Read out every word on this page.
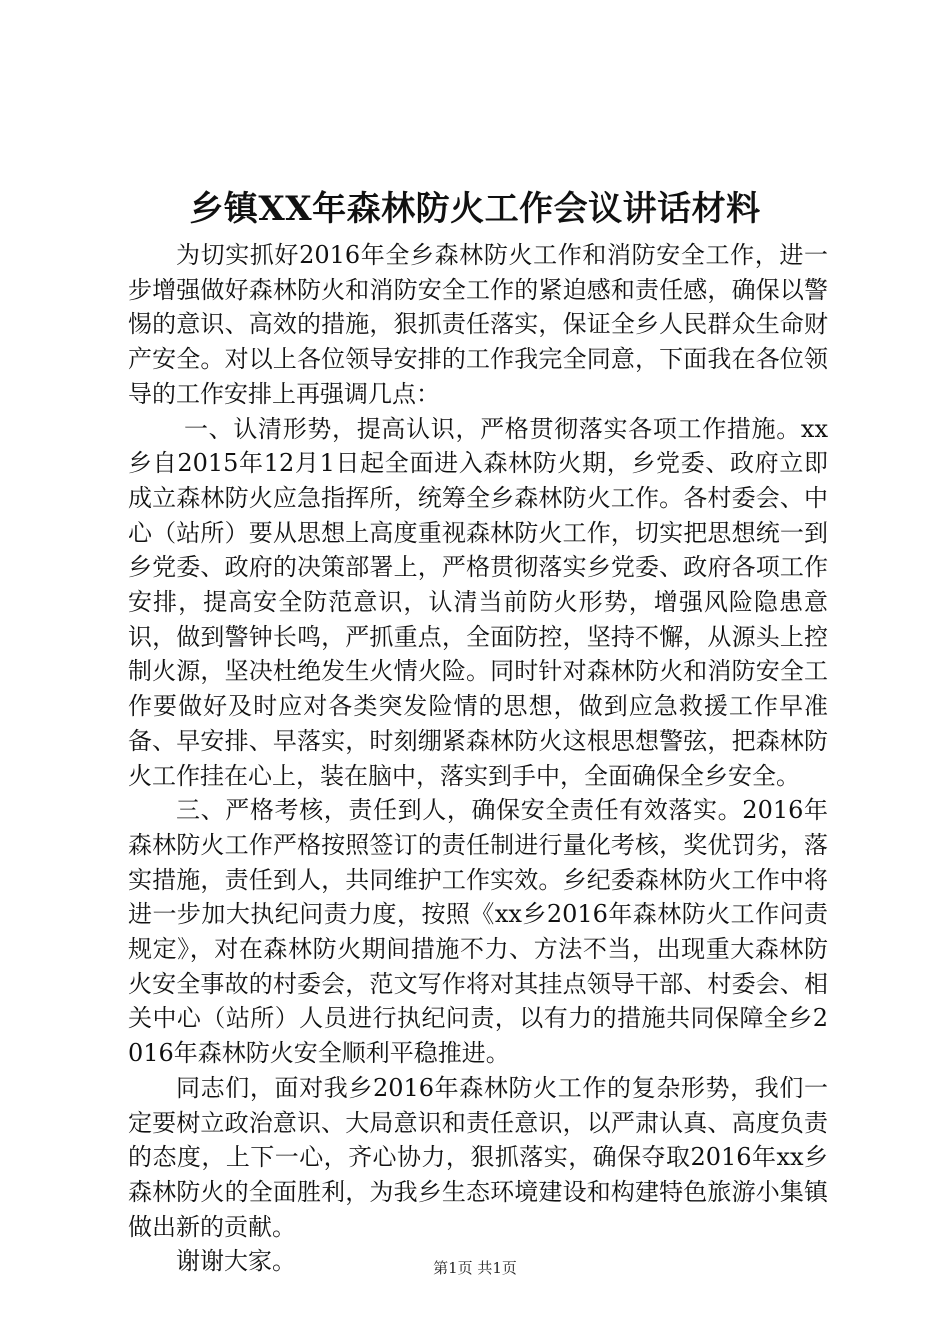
乡镇XX年森林防火工作会议讲话材料

为切实抓好2016年全乡森林防火工作和消防安全工作，进一步增强做好森林防火和消防安全工作的紧迫感和责任感，确保以警惕的意识、高效的措施，狠抓责任落实，保证全乡人民群众生命财产安全。对以上各位领导安排的工作我完全同意，下面我在各位领导的工作安排上再强调几点：

一、认清形势，提高认识，严格贯彻落实各项工作措施。xx乡自2015年12月1日起全面进入森林防火期，乡党委、政府立即成立森林防火应急指挥所，统筹全乡森林防火工作。各村委会、中心（站所）要从思想上高度重视森林防火工作，切实把思想统一到乡党委、政府的决策部署上，严格贯彻落实乡党委、政府各项工作安排，提高安全防范意识，认清当前防火形势，增强风险隐患意识，做到警钟长鸣，严抓重点，全面防控，坚持不懈，从源头上控制火源，坚决杜绝发生火情火险。同时针对森林防火和消防安全工作要做好及时应对各类突发险情的思想，做到应急救援工作早准备、早安排、早落实，时刻绷紧森林防火这根思想警弦，把森林防火工作挂在心上，装在脑中，落实到手中，全面确保全乡安全。

三、严格考核，责任到人，确保安全责任有效落实。2016年森林防火工作严格按照签订的责任制进行量化考核，奖优罚劣，落实措施，责任到人，共同维护工作实效。乡纪委森林防火工作中将进一步加大执纪问责力度，按照《xx乡2016年森林防火工作问责规定》，对在森林防火期间措施不力、方法不当，出现重大森林防火安全事故的村委会，范文写作将对其挂点领导干部、村委会、相关中心（站所）人员进行执纪问责，以有力的措施共同保障全乡2016年森林防火安全顺利平稳推进。

同志们，面对我乡2016年森林防火工作的复杂形势，我们一定要树立政治意识、大局意识和责任意识，以严肃认真、高度负责的态度，上下一心，齐心协力，狠抓落实，确保夺取2016年xx乡森林防火的全面胜利，为我乡生态环境建设和构建特色旅游小集镇做出新的贡献。

谢谢大家。	第1页 共1页
